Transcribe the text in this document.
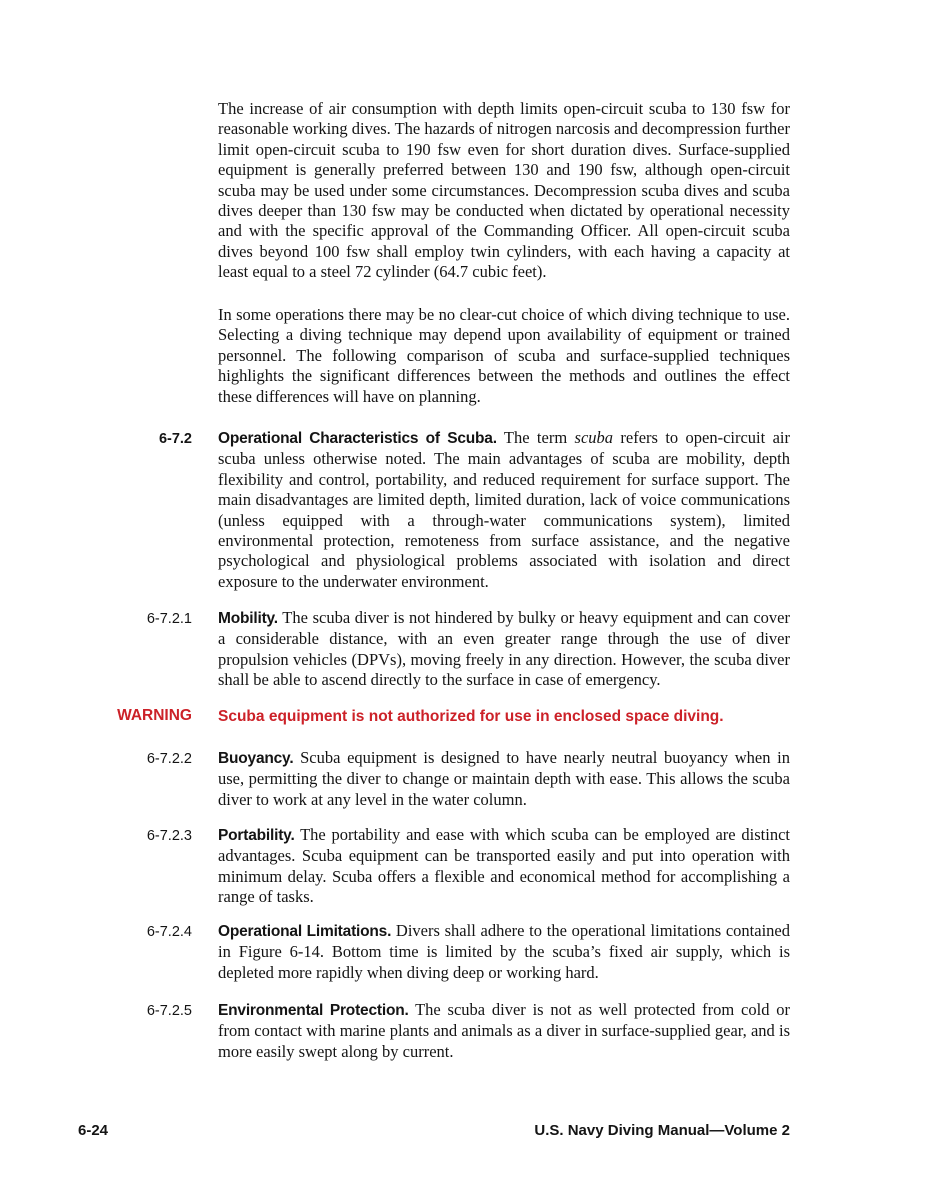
The increase of air consumption with depth limits open-circuit scuba to 130 fsw for reasonable working dives. The hazards of nitrogen narcosis and decompression further limit open-circuit scuba to 190 fsw even for short duration dives. Surface-supplied equipment is generally preferred between 130 and 190 fsw, although open-circuit scuba may be used under some circumstances. Decompression scuba dives and scuba dives deeper than 130 fsw may be conducted when dictated by operational necessity and with the specific approval of the Commanding Officer. All open-circuit scuba dives beyond 100 fsw shall employ twin cylinders, with each having a capacity at least equal to a steel 72 cylinder (64.7 cubic feet).
In some operations there may be no clear-cut choice of which diving technique to use. Selecting a diving technique may depend upon availability of equipment or trained personnel. The following comparison of scuba and surface-supplied techniques highlights the significant differences between the methods and outlines the effect these differences will have on planning.
6-7.2 Operational Characteristics of Scuba. The term scuba refers to open-circuit air scuba unless otherwise noted. The main advantages of scuba are mobility, depth flexibility and control, portability, and reduced requirement for surface support. The main disadvantages are limited depth, limited duration, lack of voice communications (unless equipped with a through-water communications system), limited environmental protection, remoteness from surface assistance, and the negative psychological and physiological problems associated with isolation and direct exposure to the underwater environment.
6-7.2.1 Mobility. The scuba diver is not hindered by bulky or heavy equipment and can cover a considerable distance, with an even greater range through the use of diver propulsion vehicles (DPVs), moving freely in any direction. However, the scuba diver shall be able to ascend directly to the surface in case of emergency.
WARNING Scuba equipment is not authorized for use in enclosed space diving.
6-7.2.2 Buoyancy. Scuba equipment is designed to have nearly neutral buoyancy when in use, permitting the diver to change or maintain depth with ease. This allows the scuba diver to work at any level in the water column.
6-7.2.3 Portability. The portability and ease with which scuba can be employed are distinct advantages. Scuba equipment can be transported easily and put into operation with minimum delay. Scuba offers a flexible and economical method for accomplishing a range of tasks.
6-7.2.4 Operational Limitations. Divers shall adhere to the operational limitations contained in Figure 6-14. Bottom time is limited by the scuba’s fixed air supply, which is depleted more rapidly when diving deep or working hard.
6-7.2.5 Environmental Protection. The scuba diver is not as well protected from cold or from contact with marine plants and animals as a diver in surface-supplied gear, and is more easily swept along by current.
6-24	U.S. Navy Diving Manual—Volume 2
